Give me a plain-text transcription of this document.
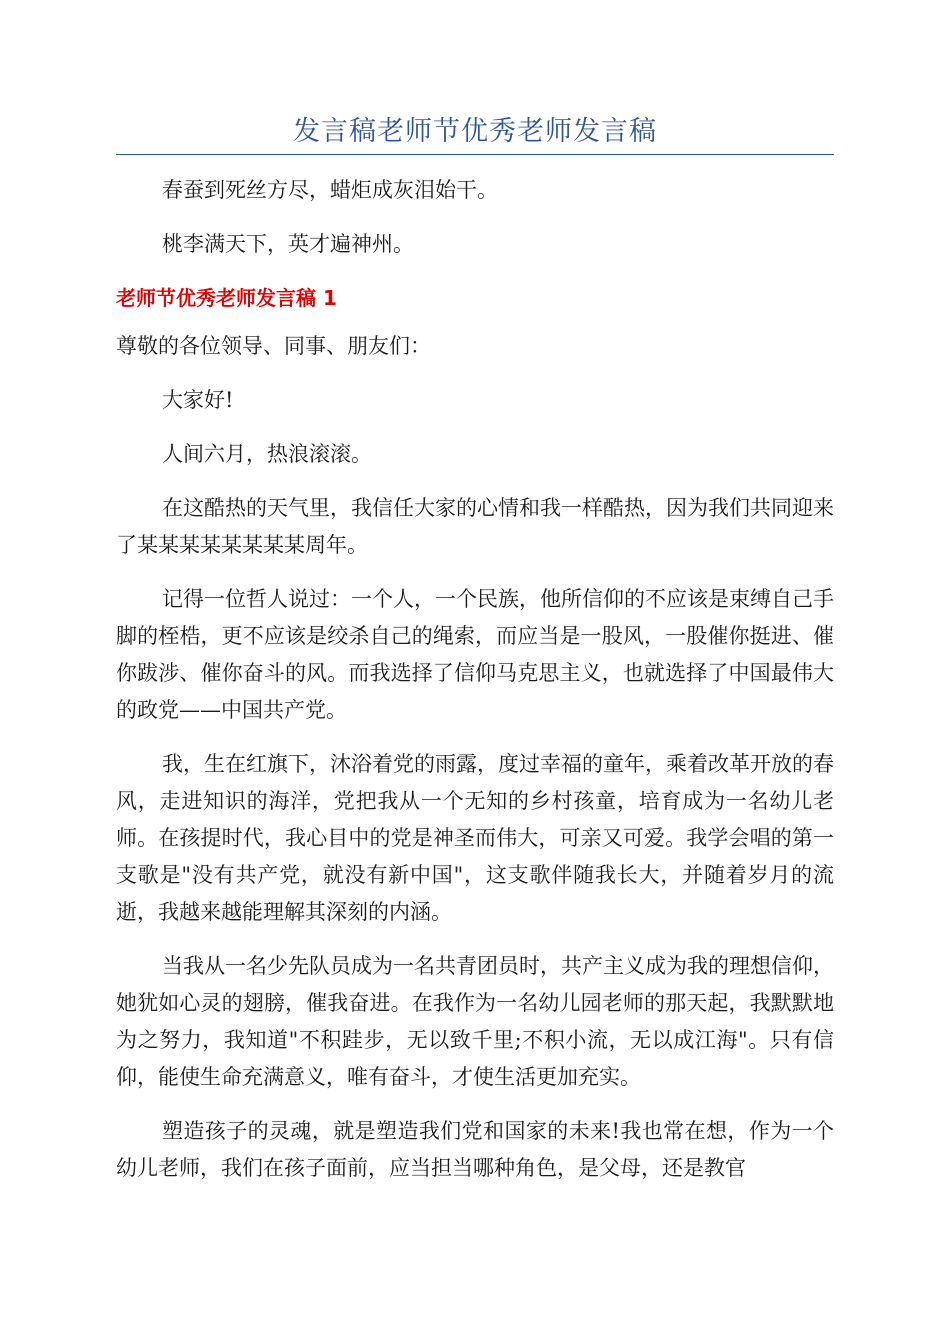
发言稿老师节优秀老师发言稿

春蚕到死丝方尽，蜡炬成灰泪始干。

桃李满天下，英才遍神州。

老师节优秀老师发言稿 1

尊敬的各位领导、同事、朋友们：

大家好!

人间六月，热浪滚滚。

在这酷热的天气里，我信任大家的心情和我一样酷热，因为我们共同迎来了某某某某某某某某周年。

记得一位哲人说过：一个人，一个民族，他所信仰的不应该是束缚自己手脚的桎梏，更不应该是绞杀自己的绳索，而应当是一股风，一股催你挺进、催你跋涉、催你奋斗的风。而我选择了信仰马克思主义，也就选择了中国最伟大的政党——中国共产党。

我，生在红旗下，沐浴着党的雨露，度过幸福的童年，乘着改革开放的春风，走进知识的海洋，党把我从一个无知的乡村孩童，培育成为一名幼儿老师。在孩提时代，我心目中的党是神圣而伟大，可亲又可爱。我学会唱的第一支歌是"没有共产党，就没有新中国"，这支歌伴随我长大，并随着岁月的流逝，我越来越能理解其深刻的内涵。

当我从一名少先队员成为一名共青团员时，共产主义成为我的理想信仰，她犹如心灵的翅膀，催我奋进。在我作为一名幼儿园老师的那天起，我默默地为之努力，我知道"不积跬步，无以致千里;不积小流，无以成江海"。只有信仰，能使生命充满意义，唯有奋斗，才使生活更加充实。

塑造孩子的灵魂，就是塑造我们党和国家的未来!我也常在想，作为一个幼儿老师，我们在孩子面前，应当担当哪种角色，是父母，还是教官
